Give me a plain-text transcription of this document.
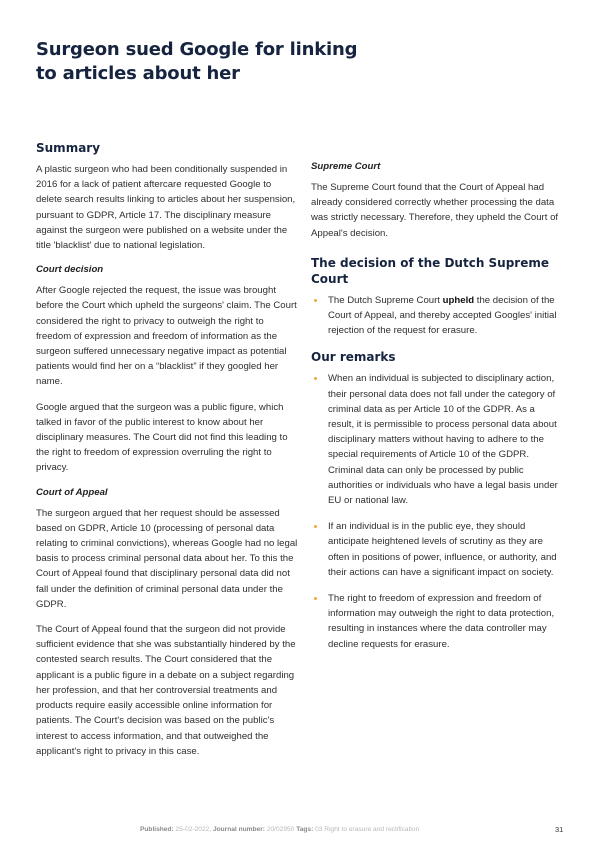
Surgeon sued Google for linking to articles about her
Summary

A plastic surgeon who had been conditionally suspended in 2016 for a lack of patient aftercare requested Google to delete search results linking to articles about her suspension, pursuant to GDPR, Article 17. The disciplinary measure against the surgeon were published on a website under the title 'blacklist' due to national legislation.

Court decision

After Google rejected the request, the issue was brought before the Court which upheld the surgeons' claim. The Court considered the right to privacy to outweigh the right to freedom of expression and freedom of information as the surgeon suffered unnecessary negative impact as potential patients would find her on a “blacklist” if they googled her name.

Google argued that the surgeon was a public figure, which talked in favor of the public interest to know about her disciplinary measures. The Court did not find this leading to the right to freedom of expression overruling the right to privacy.

Court of Appeal

The surgeon argued that her request should be assessed based on GDPR, Article 10 (processing of personal data relating to criminal convictions), whereas Google had no legal basis to process criminal personal data about her. To this the Court of Appeal found that disciplinary personal data did not fall under the definition of criminal personal data under the GDPR.

The Court of Appeal found that the surgeon did not provide sufficient evidence that she was substantially hindered by the contested search results. The Court considered that the applicant is a public figure in a debate on a subject regarding her profession, and that her controversial treatments and products require easily accessible online information for patients. The Court's decision was based on the public's interest to access information, and that outweighed the applicant's right to privacy in this case.

Supreme Court

The Supreme Court found that the Court of Appeal had already considered correctly whether processing the data was strictly necessary. Therefore, they upheld the Court of Appeal's decision.

The decision of the Dutch Supreme Court
The Dutch Supreme Court upheld the decision of the Court of Appeal, and thereby accepted Googles' initial rejection of the request for erasure.
Our remarks
When an individual is subjected to disciplinary action, their personal data does not fall under the category of criminal data as per Article 10 of the GDPR. As a result, it is permissible to process personal data about disciplinary matters without having to adhere to the special requirements of Article 10 of the GDPR. Criminal data can only be processed by public authorities or individuals who have a legal basis under EU or national law.
If an individual is in the public eye, they should anticipate heightened levels of scrutiny as they are often in positions of power, influence, or authority, and their actions can have a significant impact on society.
The right to freedom of expression and freedom of information may outweigh the right to data protection, resulting in instances where the data controller may decline requests for erasure.
Published: 25-02-2022, Journal number: 20/02950 Tags: 03 Right to erasure and rectification	31
